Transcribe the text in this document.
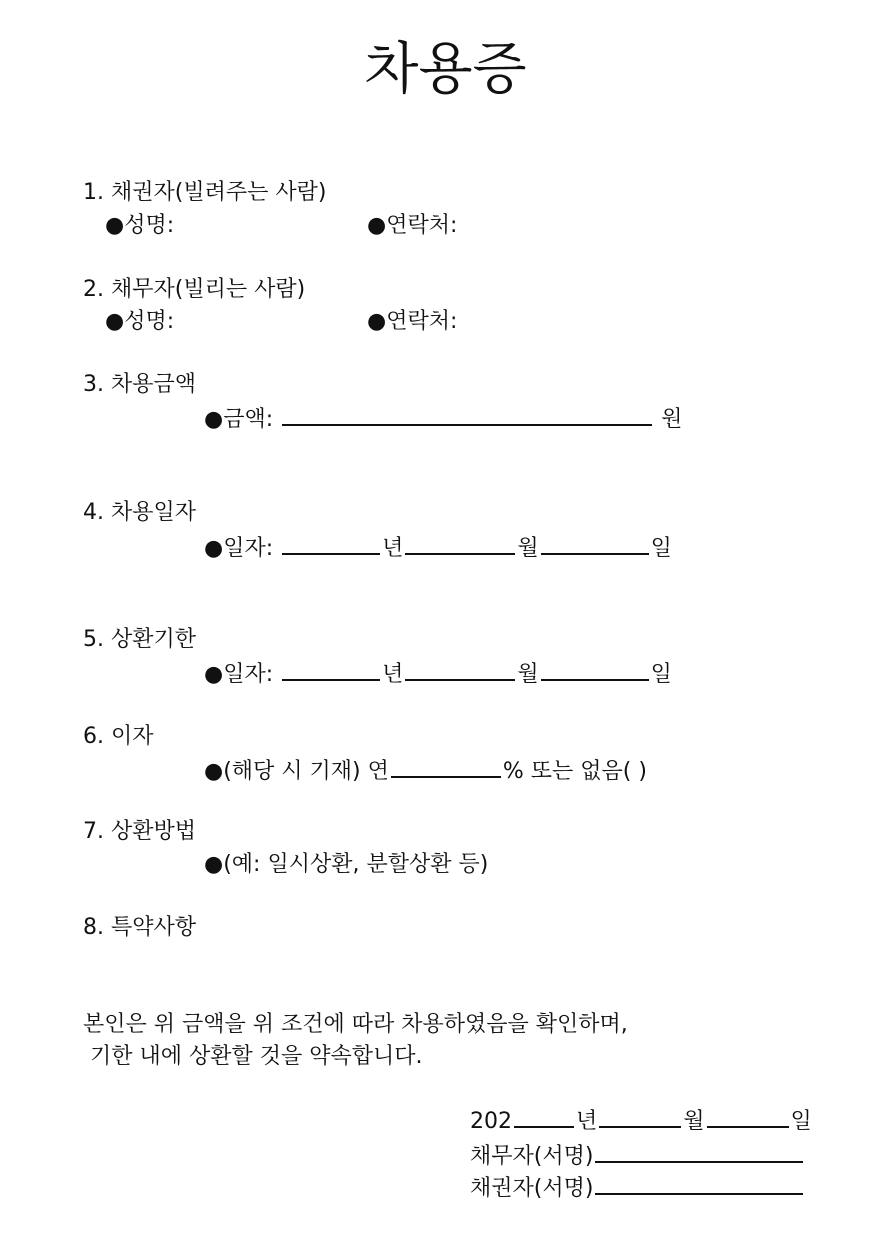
차용증
1. 채권자(빌려주는 사람)
●성명:	●연락처:
2. 채무자(빌리는 사람)
●성명:	●연락처:
3. 차용금액
●금액:	원
4. 차용일자
●일자:	년	월	일
5. 상환기한
●일자:	년	월	일
6. 이자
●(해당 시 기재) 연	% 또는 없음( )
7. 상환방법
●(예: 일시상환, 분할상환 등)
8. 특약사항
본인은 위 금액을 위 조건에 따라 차용하였음을 확인하며,
기한 내에 상환할 것을 약속합니다.
202	년	월	일
채무자(서명)
채권자(서명)
